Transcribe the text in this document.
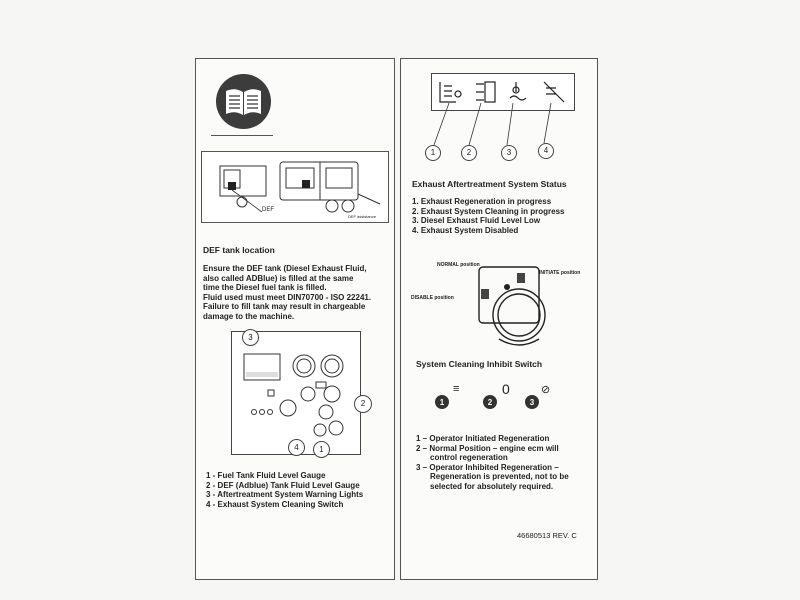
DEF
DEF assistance
DEF tank location
Ensure the DEF tank (Diesel Exhaust Fluid,
also called ADBlue) is filled at the same
time the Diesel fuel tank is filled.
Fluid used must meet DIN70700 - ISO 22241.
Failure to fill tank may result in chargeable
damage to the machine.
3
2
4	1
1 - Fuel Tank Fluid Level Gauge
2 - DEF (Adblue) Tank Fluid Level Gauge
3 - Aftertreatment System Warning Lights
4 - Exhaust System Cleaning Switch
1	2	3	4
Exhaust Aftertreatment System Status
1. Exhaust Regeneration in progress
2. Exhaust System Cleaning in progress
3. Diesel Exhaust Fluid Level Low
4. Exhaust System Disabled
NORMAL position
INITIATE position
DISABLE position
System Cleaning Inhibit Switch
1
≡
2
0
3
⊘
1 – Operator Initiated Regeneration
2 – Normal Position – engine ecm will
control regeneration
3 – Operator Inhibited Regeneration –
Regeneration is prevented, not to be
selected for absolutely required.
46680513 REV. C
